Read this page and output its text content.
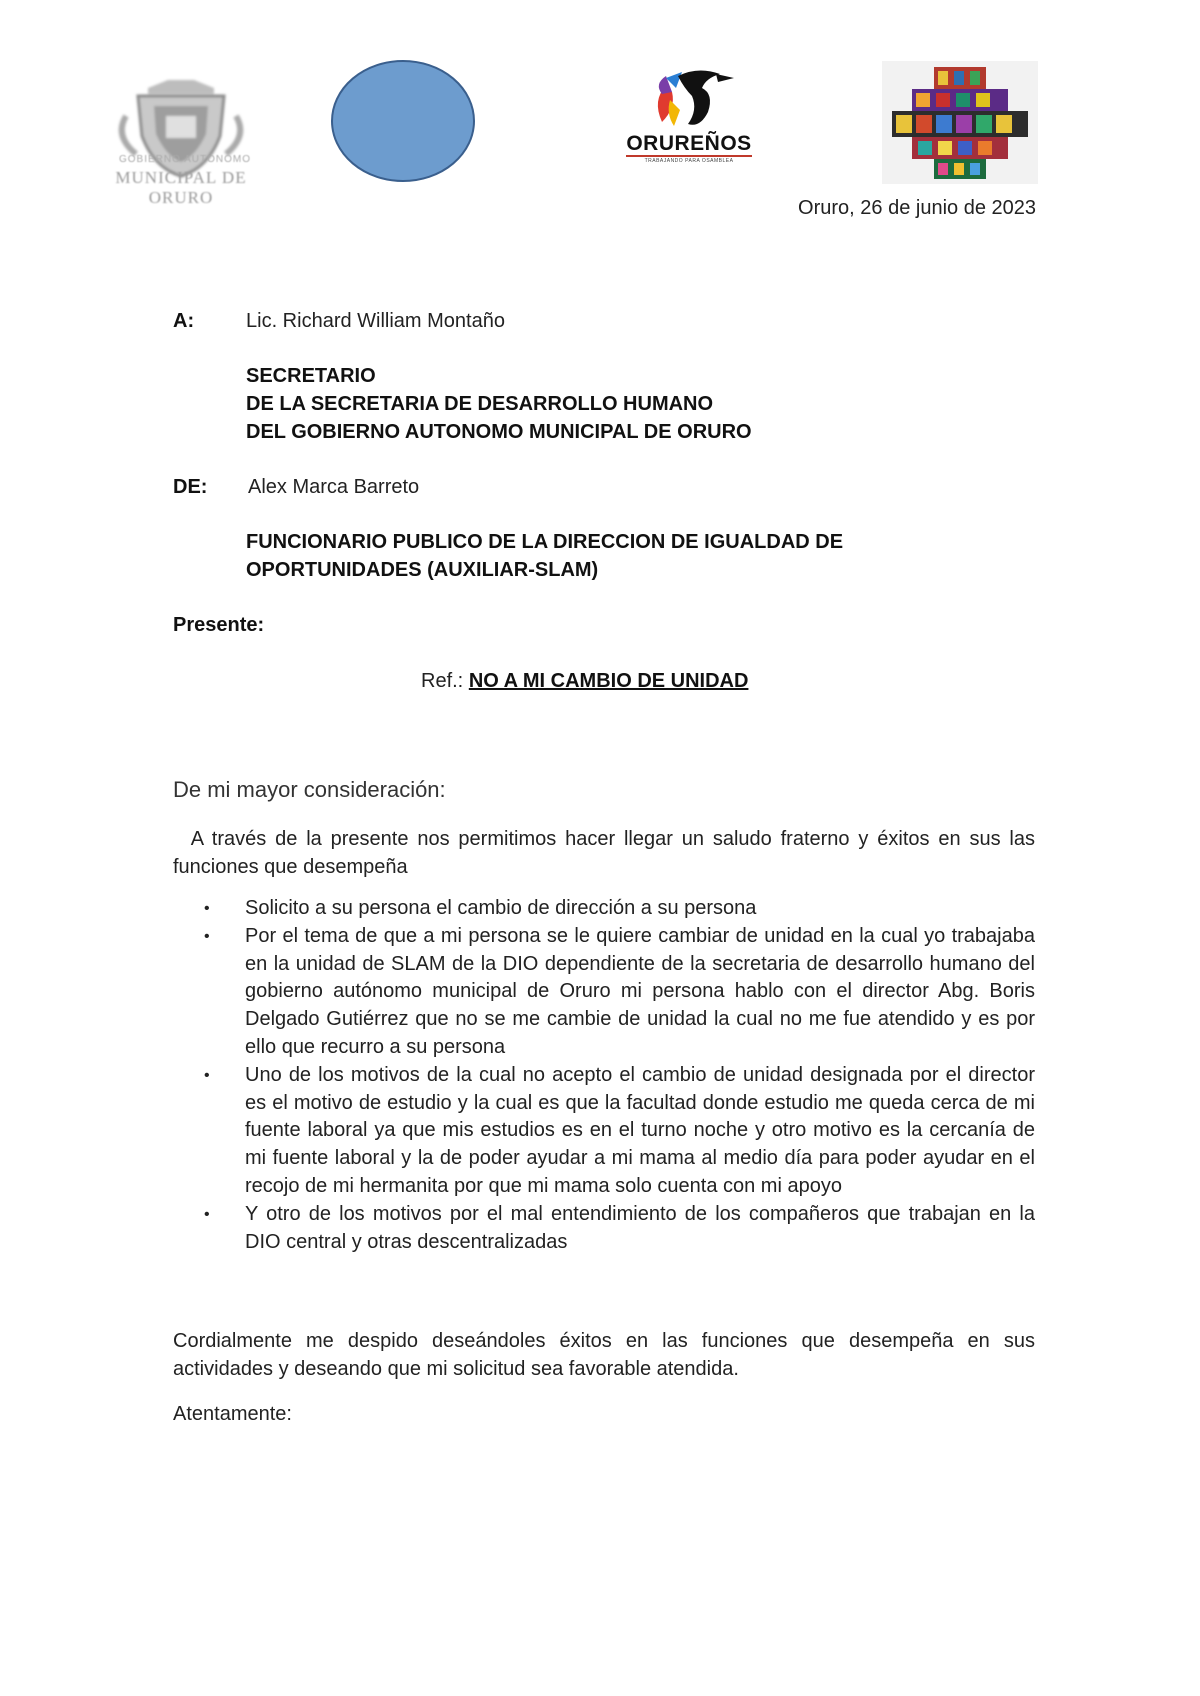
GOBIERNO AUTÓNOMO
MUNICIPAL DE ORURO
ORUREÑOS
TRABAJANDO PARA OSAMBLEA
Oruro, 26 de junio de 2023
A:	Lic. Richard William Montaño
SECRETARIO
DE LA SECRETARIA DE DESARROLLO HUMANO
DEL GOBIERNO AUTONOMO MUNICIPAL DE ORURO
DE: Alex Marca Barreto
FUNCIONARIO PUBLICO DE LA DIRECCION DE IGUALDAD DE
OPORTUNIDADES (AUXILIAR-SLAM)
Presente:
Ref.: NO A MI CAMBIO DE UNIDAD
De mi mayor consideración:
A través de la presente nos permitimos hacer llegar un saludo fraterno y éxitos en sus las funciones que desempeña
• Solicito a su persona el cambio de dirección a su persona
• Por el tema de que a mi persona se le quiere cambiar de unidad en la cual yo trabajaba en la unidad de SLAM de la DIO dependiente de la secretaria de desarrollo humano del gobierno autónomo municipal de Oruro mi persona hablo con el director Abg. Boris Delgado Gutiérrez que no se me cambie de unidad la cual no me fue atendido y es por ello que recurro a su persona
• Uno de los motivos de la cual no acepto el cambio de unidad designada por el director es el motivo de estudio y la cual es que la facultad donde estudio me queda cerca de mi fuente laboral ya que mis estudios es en el turno noche y otro motivo es la cercanía de mi fuente laboral y la de poder ayudar a mi mama al medio día para poder ayudar en el recojo de mi hermanita por que mi mama solo cuenta con mi apoyo
• Y otro de los motivos por el mal entendimiento de los compañeros que trabajan en la DIO central y otras descentralizadas
Cordialmente me despido deseándoles éxitos en las funciones que desempeña en sus actividades y deseando que mi solicitud sea favorable atendida.
Atentamente:
